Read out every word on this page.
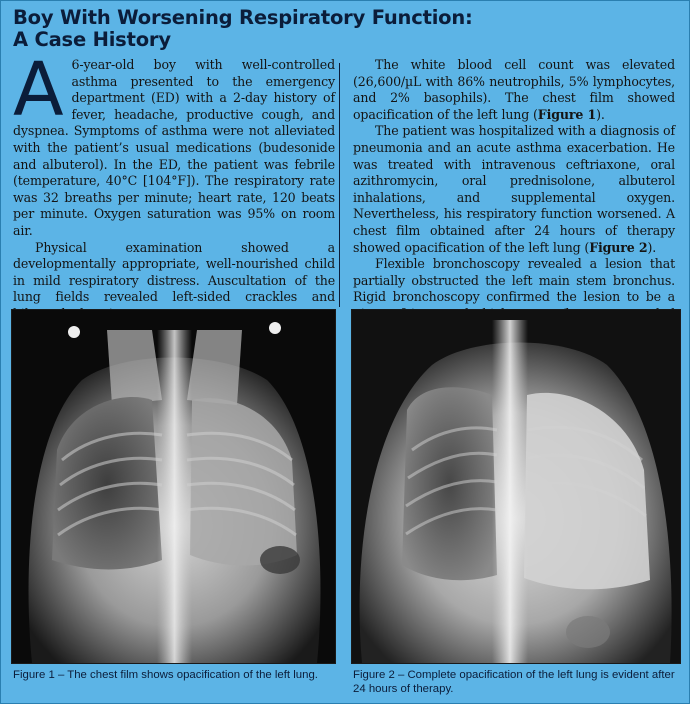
Boy With Worsening Respiratory Function:
A Case History

A 6-year-old boy with well-controlled asthma presented to the emergency department (ED) with a 2-day history of fever, headache, productive cough, and dyspnea. Symptoms of asthma were not alleviated with the patient’s usual medications (budesonide and albuterol). In the ED, the patient was febrile (temperature, 40°C [104°F]). The respiratory rate was 32 breaths per minute; heart rate, 120 beats per minute. Oxygen saturation was 95% on room air.

Physical examination showed a developmentally appropriate, well-nourished child in mild respiratory distress. Auscultation of the lung fields revealed left-sided crackles and

The white blood cell count was elevated (26,600/µL with 86% neutrophils, 5% lymphocytes, and 2% basophils). The chest film showed opacification of the left lung (Figure 1).

The patient was hospitalized with a diagnosis of pneumonia and an acute asthma exacerbation. He was treated with intravenous ceftriaxone, oral azithromycin, oral prednisolone, albuterol inhalations, and supplemental oxygen. Nevertheless, his respiratory function worsened. A chest film obtained after 24 hours of therapy showed opacification of the left lung (Figure 2).

Flexible bronchoscopy revealed a lesion that partially obstructed the left main stem bronchus. Rigid bronchoscopy confirmed the lesion to be a

Figure 1 – The chest film shows opacification of the left lung.	Figure 2 – Complete opacification of the left lung is evident after 24 hours of therapy.
